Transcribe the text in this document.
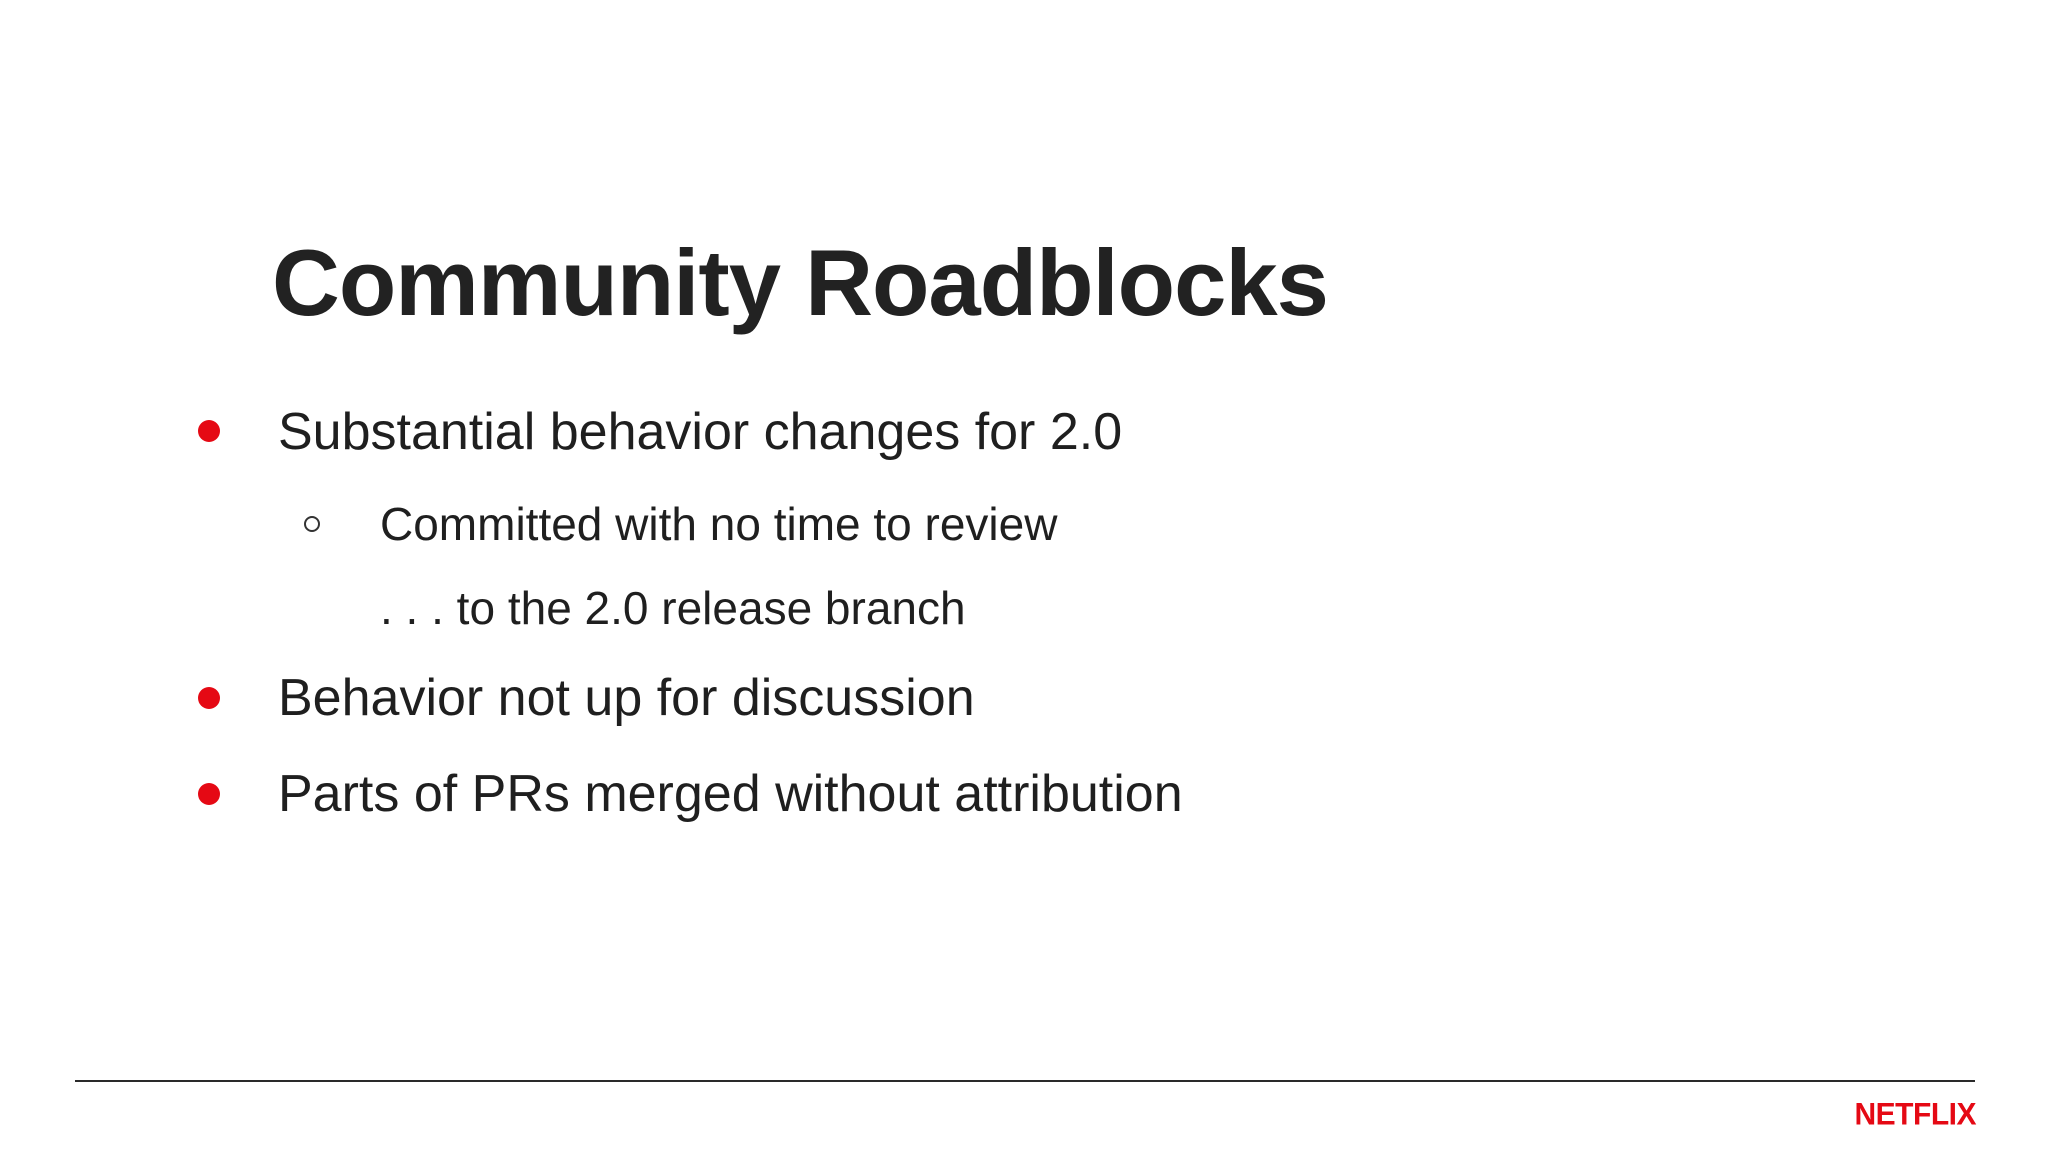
Community Roadblocks
Substantial behavior changes for 2.0
Committed with no time to review
. . . to the 2.0 release branch
Behavior not up for discussion
Parts of PRs merged without attribution
NETFLIX
